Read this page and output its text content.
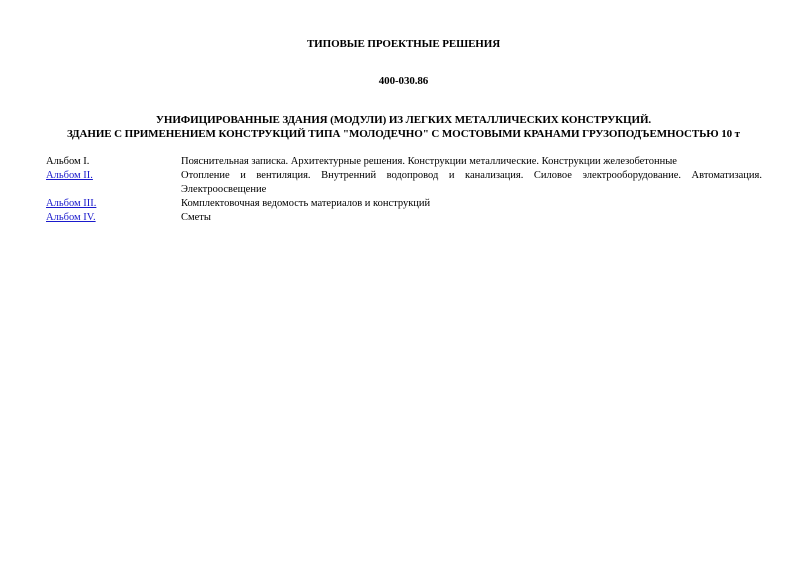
ТИПОВЫЕ ПРОЕКТНЫЕ РЕШЕНИЯ
400-030.86
УНИФИЦИРОВАННЫЕ ЗДАНИЯ (МОДУЛИ) ИЗ ЛЕГКИХ МЕТАЛЛИЧЕСКИХ КОНСТРУКЦИЙ.
ЗДАНИЕ С ПРИМЕНЕНИЕМ КОНСТРУКЦИЙ ТИПА "МОЛОДЕЧНО" С МОСТОВЫМИ КРАНАМИ ГРУЗОПОДЪЕМНОСТЬЮ 10 т
Альбом I.	Пояснительная записка. Архитектурные решения. Конструкции металлические. Конструкции железобетонные
Альбом II.	Отопление и вентиляция. Внутренний водопровод и канализация. Силовое электрооборудование. Автоматизация. Электроосвещение
Альбом III.	Комплектовочная ведомость материалов и конструкций
Альбом IV.	Сметы
